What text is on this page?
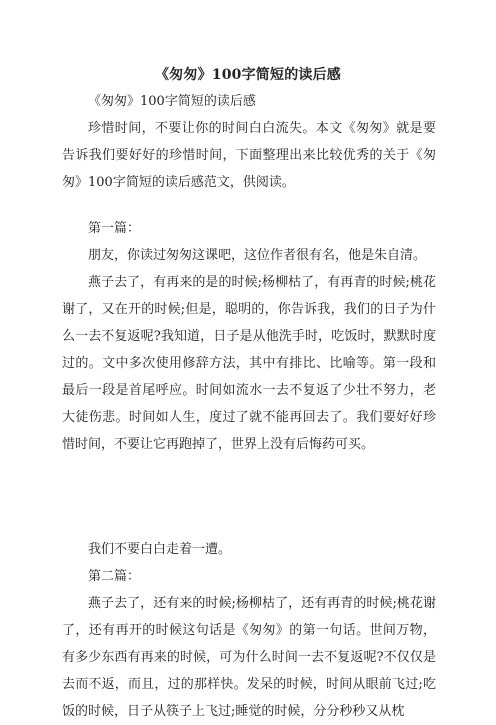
《匆匆》100字简短的读后感

《匆匆》100字简短的读后感

珍惜时间，不要让你的时间白白流失。本文《匆匆》就是要告诉我们要好好的珍惜时间，下面整理出来比较优秀的关于《匆匆》100字简短的读后感范文，供阅读。

第一篇：

朋友，你读过匆匆这课吧，这位作者很有名，他是朱自清。

燕子去了，有再来的是的时候;杨柳枯了，有再青的时候;桃花谢了，又在开的时候;但是，聪明的，你告诉我，我们的日子为什么一去不复返呢?我知道，日子是从他洗手时，吃饭时，默默时度过的。文中多次使用修辞方法，其中有排比、比喻等。第一段和最后一段是首尾呼应。时间如流水一去不复返了少壮不努力，老大徒伤悲。时间如人生，度过了就不能再回去了。我们要好好珍惜时间，不要让它再跑掉了，世界上没有后悔药可买。

我们不要白白走着一遭。

第二篇：

燕子去了，还有来的时候;杨柳枯了，还有再青的时候;桃花谢了，还有再开的时候这句话是《匆匆》的第一句话。世间万物，有多少东西有再来的时候，可为什么时间一去不复返呢?不仅仅是去而不返，而且，过的那样快。发呆的时候，时间从眼前飞过;吃饭的时候，日子从筷子上飞过;睡觉的时候，分分秒秒又从枕
